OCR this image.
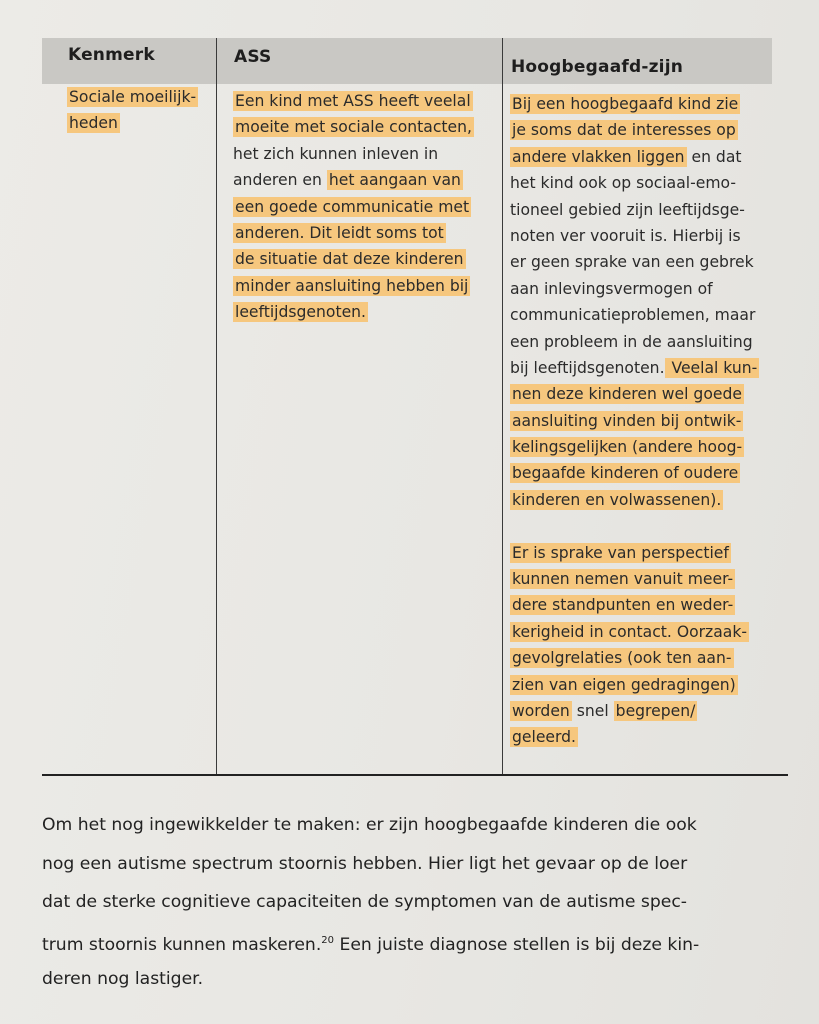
Kenmerk	ASS	Hoogbegaafd-zijn
Sociale moeilijk-
heden
Een kind met ASS heeft veelal
moeite met sociale contacten,
het zich kunnen inleven in
anderen en het aangaan van
een goede communicatie met
anderen. Dit leidt soms tot
de situatie dat deze kinderen
minder aansluiting hebben bij
leeftijdsgenoten.
Bij een hoogbegaafd kind zie
je soms dat de interesses op
andere vlakken liggen en dat
het kind ook op sociaal-emo-
tioneel gebied zijn leeftijdsge-
noten ver vooruit is. Hierbij is
er geen sprake van een gebrek
aan inlevingsvermogen of
communicatieproblemen, maar
een probleem in de aansluiting
bij leeftijdsgenoten. Veelal kun-
nen deze kinderen wel goede
aansluiting vinden bij ontwik-
kelingsgelijken (andere hoog-
begaafde kinderen of oudere
kinderen en volwassenen).
Er is sprake van perspectief
kunnen nemen vanuit meer-
dere standpunten en weder-
kerigheid in contact. Oorzaak-
gevolgrelaties (ook ten aan-
zien van eigen gedragingen)
worden snel begrepen/
geleerd.
Om het nog ingewikkelder te maken: er zijn hoogbegaafde kinderen die ook
nog een autisme spectrum stoornis hebben. Hier ligt het gevaar op de loer
dat de sterke cognitieve capaciteiten de symptomen van de autisme spec-
trum stoornis kunnen maskeren.$^{20}$ Een juiste diagnose stellen is bij deze kin-
deren nog lastiger.
